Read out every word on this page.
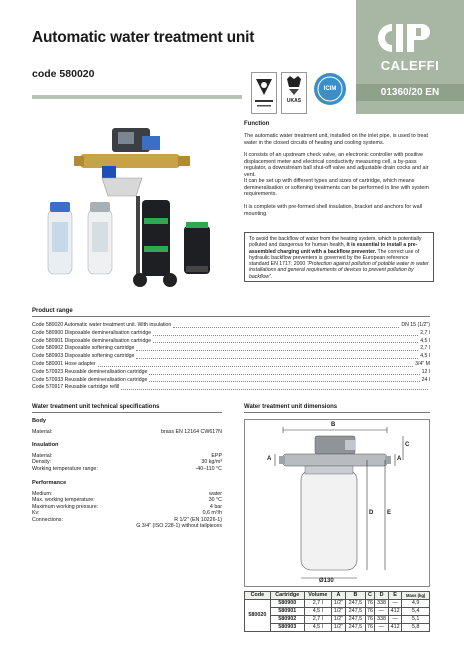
Automatic water treatment unit
code 580020
CALEFFI
01360/20 EN
UKAS
ICIM
Function
The automatic water treatment unit, installed on the inlet pipe, is used to treat water in the closed circuits of heating and cooling systems.
It consists of an upstream check valve, an electronic controller with positive displacement meter and electrical conductivity measuring cell, a by-pass regulator, a downstream ball shut-off valve and adjustable drain cocks and air vent.
It can be set up with different types and sizes of cartridge, which means demineralisation or softening treatments can be performed in line with system requirements.
It is complete with pre-formed shell insulation, bracket and anchors for wall mounting.
To avoid the backflow of water from the heating system, which is potentially polluted and dangerous for human health, it is essential to install a pre-assembled charging unit with a backflow preventer. The correct use of hydraulic backflow preventers is governed by the European reference standard EN 1717: 2000 “Protection against pollution of potable water in water installations and general requirements of devices to prevent pollution by backflow”.
Product range
Code 580020 Automatic water treatment unit. With insulation	DN 15 (1/2")
Code 580900 Disposable demineralisation cartridge	2,7 l
Code 580901 Disposable demineralisation cartridge	4,5 l
Code 580902 Disposable softening cartridge	2,7 l
Code 580903 Disposable softening cartridge	4,5 l
Code 580001 Hose adapter	3/4" M
Code 570923 Reusable demineralisation cartridge	12 l
Code 570933 Reusable demineralisation cartridge	24 l
Code 570917 Reusable cartridge refill
Water treatment unit technical specifications
Body
Material:	brass EN 12164 CW617N
Insulation
Material:	EPP
Density:	30 kg/m³
Working temperature range:	-40–110 °C
Performance
Medium:	water
Max. working temperature:	30 °C
Maximum working pressure:	4 bar
Kv:	0,6 m³/h
Connections:	R 1/2" (EN 10226-1)
G 3/4" (ISO 228-1) without tailpieces
Water treatment unit dimensions
B
A	A
C
D E
Ø130
Code	Cartridge	Volume	A	B	C	D	E	Mass (kg)
580020	580900	2,7 l	1/2"	247,5	76	338	—	4,9
	580901	4,5 l	1/2"	247,5	76	—	412	5,4
	580902	2,7 l	1/2"	247,5	76	338	—	5,1
	580903	4,5 l	1/2"	247,5	76	—	412	5,8
